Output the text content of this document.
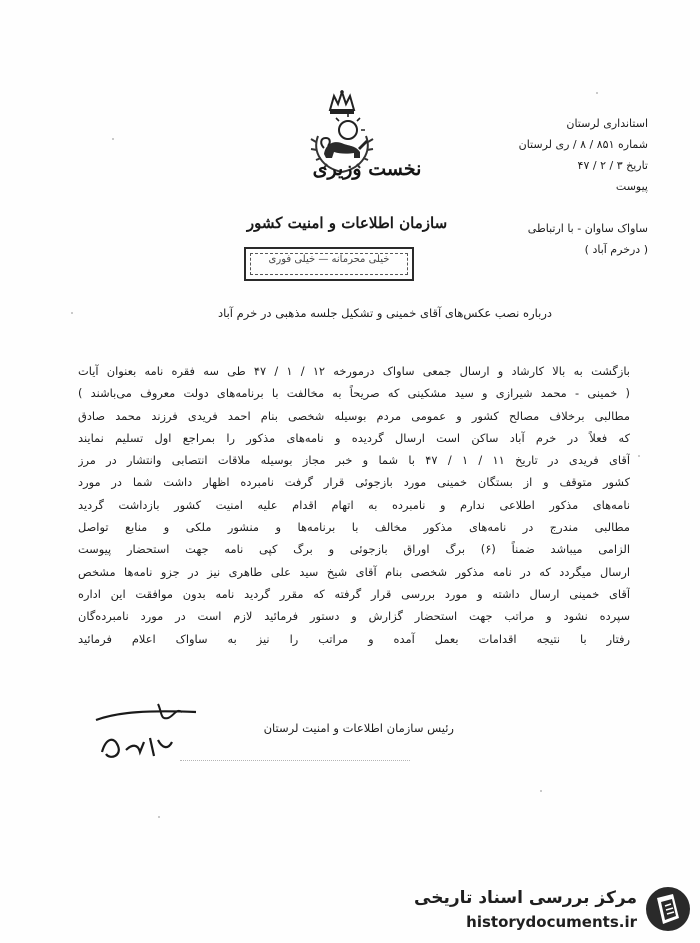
نخست وزیری
سازمان اطلاعات و امنیت کشور
خیلی محرمانه — خیلی فوری
استانداری لرستان
شماره ۸۵۱ / ۸ / ری لرستان
تاریخ ۳ / ۲ / ۴۷
پیوست
ساواک ساوان - با ارتباطی
( درخرم آباد )
درباره نصب عکس‌های آقای خمینی و تشکیل جلسه مذهبی در خرم آباد
بازگشت به بالا کارشاد و ارسال جمعی ساواک درمورخه ۱۲ / ۱ / ۴۷ طی سه فقره نامه بعنوان آیات
( خمینی - محمد شیرازی و سید مشکینی که صریحاً به مخالفت با برنامه‌های دولت معروف می‌باشند )
مطالبی برخلاف مصالح کشور و عمومی مردم بوسیله شخصی بنام احمد فریدی فرزند محمد صادق
که فعلاً در خرم آباد ساکن است ارسال گردیده و نامه‌های مذکور را بمراجع اول تسلیم نمایند
آقای فریدی در تاریخ ۱۱ / ۱ / ۴۷ با شما و خبر مجاز بوسیله ملاقات انتصابی وانتشار در مرز
کشور متوقف و از بستگان خمینی مورد بازجوئی قرار گرفت نامبرده اظهار داشت شما در مورد
نامه‌های مذکور اطلاعی ندارم و نامبرده به اتهام اقدام علیه امنیت کشور بازداشت گردید
مطالبی مندرج در نامه‌های مذکور مخالف با برنامه‌ها و منشور ملکی و منابع تواصل
الزامی میباشد ضمناً (۶) برگ اوراق بازجوئی و برگ کپی نامه جهت استحضار پیوست
ارسال میگردد که در نامه مذکور شخصی بنام آقای شیخ سید علی طاهری نیز در جزو نامه‌ها مشخص
آقای خمینی ارسال داشته و مورد بررسی قرار گرفته که مقرر گردید نامه بدون موافقت این اداره
سپرده نشود و مراتب جهت استحضار گزارش و دستور فرمائید لازم است در مورد نامبرده‌گان
رفتار با نتیجه اقدامات بعمل آمده و مراتب را نیز به ساواک اعلام فرمائید
رئیس سازمان اطلاعات و امنیت لرستان
مرکز بررسی اسناد تاریخی
historydocuments.ir
